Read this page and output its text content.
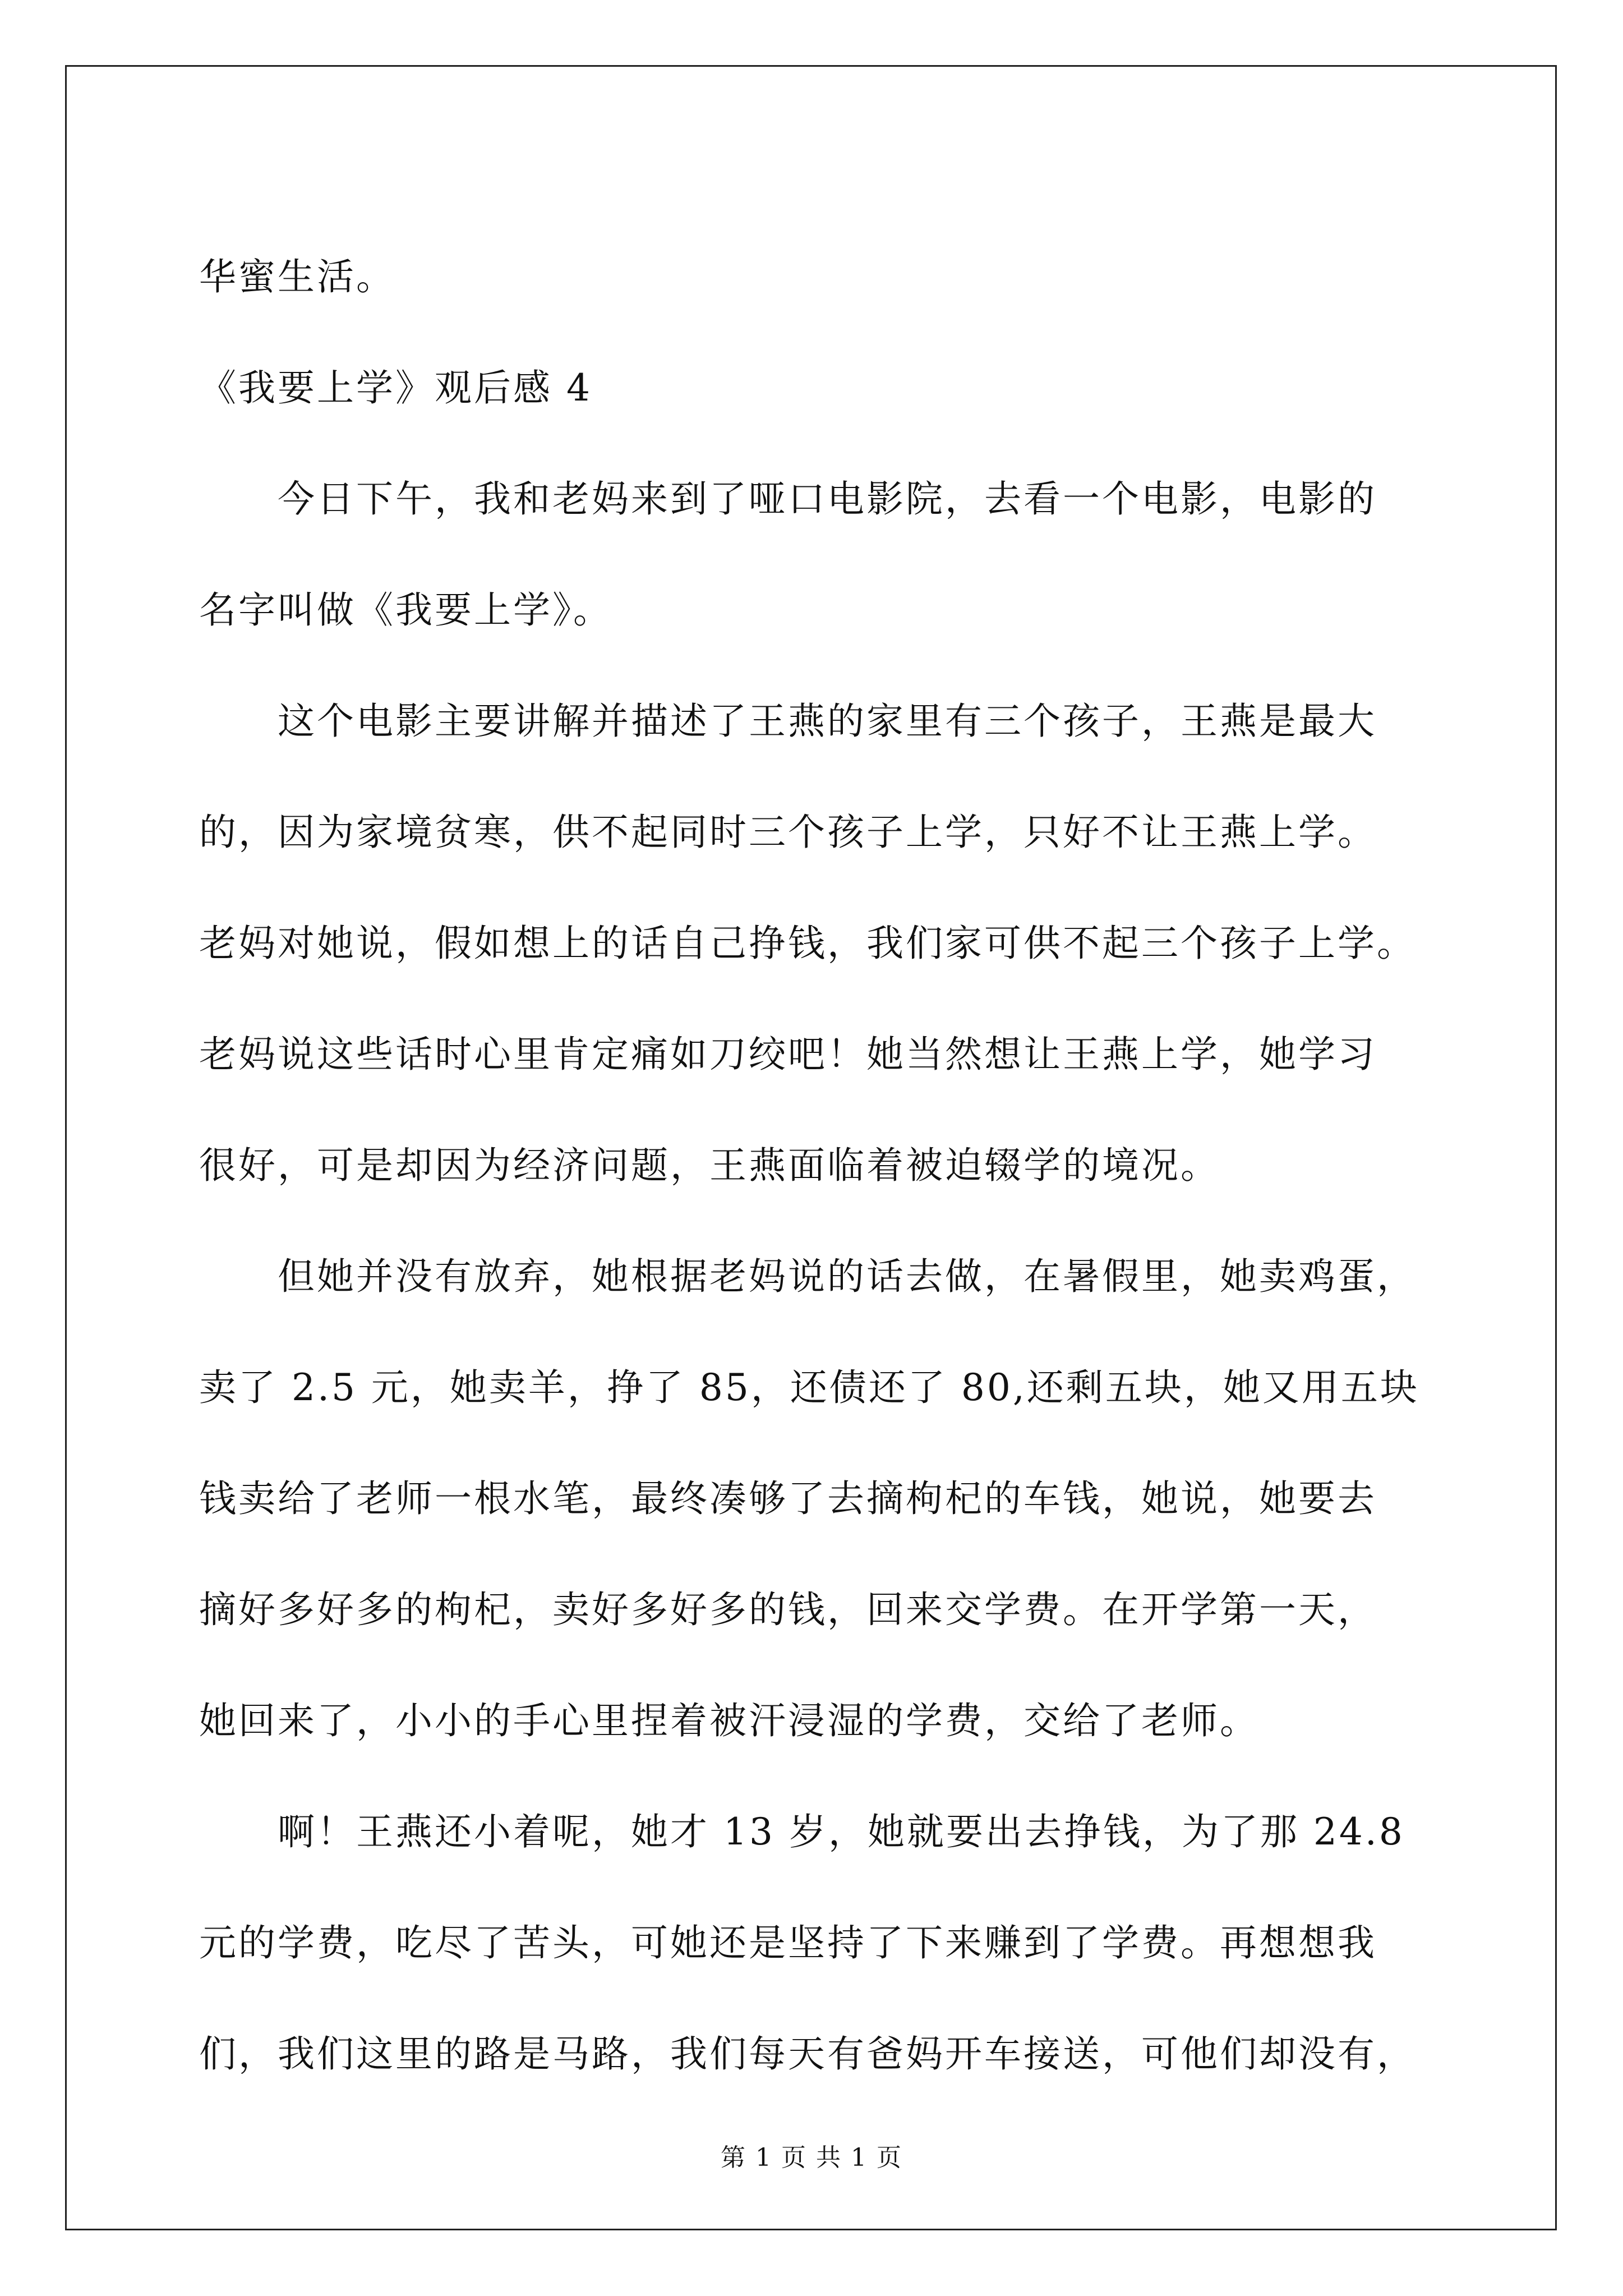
华蜜生活。
《我要上学》观后感 4
今日下午，我和老妈来到了哑口电影院，去看一个电影，电影的
名字叫做《我要上学》。
这个电影主要讲解并描述了王燕的家里有三个孩子，王燕是最大
的，因为家境贫寒，供不起同时三个孩子上学，只好不让王燕上学。
老妈对她说，假如想上的话自己挣钱，我们家可供不起三个孩子上学。
老妈说这些话时心里肯定痛如刀绞吧！她当然想让王燕上学，她学习
很好，可是却因为经济问题，王燕面临着被迫辍学的境况。
但她并没有放弃，她根据老妈说的话去做，在暑假里，她卖鸡蛋，
卖了 2.5 元，她卖羊，挣了 85，还债还了 80,还剩五块，她又用五块
钱卖给了老师一根水笔，最终凑够了去摘枸杞的车钱，她说，她要去
摘好多好多的枸杞，卖好多好多的钱，回来交学费。在开学第一天，
她回来了，小小的手心里捏着被汗浸湿的学费，交给了老师。
啊！王燕还小着呢，她才 13 岁，她就要出去挣钱，为了那 24.8
元的学费，吃尽了苦头，可她还是坚持了下来赚到了学费。再想想我
们，我们这里的路是马路，我们每天有爸妈开车接送，可他们却没有，
第 1 页 共 1 页
